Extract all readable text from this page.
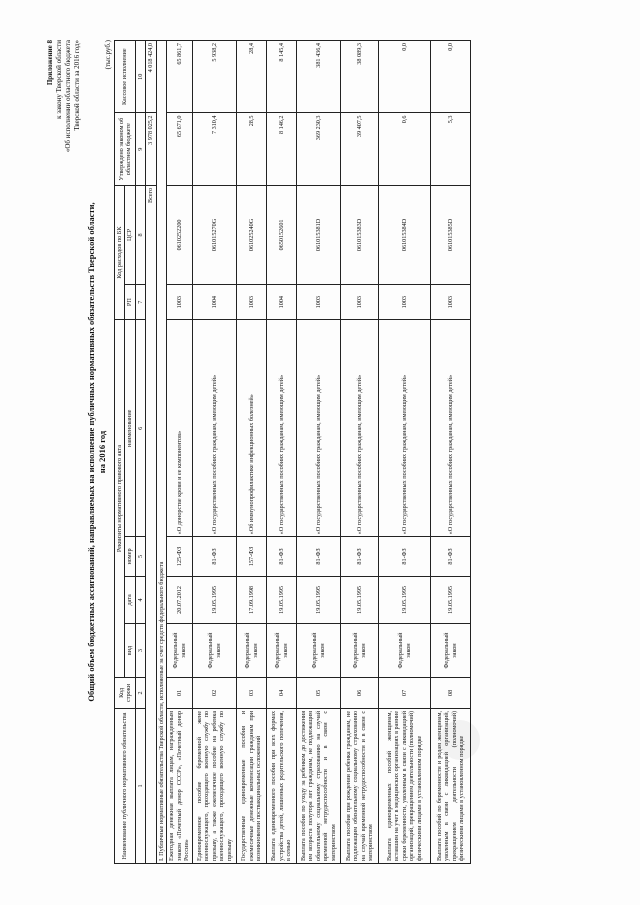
Приложение 8 к закону Тверской области «Об исполнении областного бюджета Тверской области за 2016 год»
Общий объем бюджетных ассигнований, направляемых на исполнение публичных нормативных обязательств Тверской области, на 2016 год
(тыс.руб.)
Наименование публичного нормативного обязательства	Код строки	Реквизиты нормативного правового акта				Код расходов по БК		Утверждено законом об областном бюджете	Кассовое исполнение
		вид	дата	номер	наименование	РП	ЦСР		

1	2	3	4	5	6	7	8	9	10
Всего								3 978 025,2	4 018 424,0
I. Публичные нормативные обязательства Тверской области, исполняемые за счет средств федерального бюджета									
Ежегодная денежная выплата лицам, награжденным знаком «Почетный донор СССР», «Почетный донор России»	01	Федеральный закон	20.07.2012	125-ФЗ	«О донорстве крови и ее компонентов»	1003	0610252200	65 671,0	65 861,7
Единовременное пособие беременной жене военнослужащего, проходящего военную службу по призыву, а также ежемесячное пособие на ребенка военнослужащего, проходящего военную службу по призыву	02	Федеральный закон	19.05.1995	81-ФЗ	«О государственных пособиях гражданам, имеющим детей»	1004	061015270G	7 310,4	5 938,2
Государственные единовременные пособия и ежемесячные денежные компенсации гражданам при возникновении поствакцинальных осложнений	03	Федеральный закон	17.09.1998	157-ФЗ	«Об иммунопрофилактике инфекционных болезней»	1003	061025240G	28,5	28,4
Выплата единовременного пособия при всех формах устройства детей, лишенных родительского попечения, в семью	04	Федеральный закон	19.05.1995	81-ФЗ	«О государственных пособиях гражданам, имеющим детей»	1004	0650152601	8 146,2	8 145,4
Выплата пособия по уходу за ребенком до достижения им возраста полутора лет гражданам, не подлежащим обязательному социальному страхованию на случай временной нетрудоспособности и в связи с материнством	05	Федеральный закон	19.05.1995	81-ФЗ	«О государственных пособиях гражданам, имеющим детей»	1003	061015381D	369 230,3	381 436,4
Выплата пособия при рождении ребенка гражданам, не подлежащим обязательному социальному страхованию на случай временной нетрудоспособности и в связи с материнством	06	Федеральный закон	19.05.1995	81-ФЗ	«О государственных пособиях гражданам, имеющим детей»	1003	061015383D	39 407,5	38 089,3
Выплата единовременных пособий женщинам, вставшим на учет в медицинских организациях в ранние сроки беременности, уволенным в связи с ликвидацией организаций, прекращением деятельности (полномочий) физическими лицами в установленном порядке	07	Федеральный закон	19.05.1995	81-ФЗ	«О государственных пособиях гражданам, имеющим детей»	1003	061015384D	0,6	0,0
Выплата пособий по беременности и родам женщинам, уволенным в связи с ликвидацией организаций, прекращением деятельности (полномочий) физическими лицами в установленном порядке	08	Федеральный закон	19.05.1995	81-ФЗ	«О государственных пособиях гражданам, имеющим детей»	1003	061015385D	5,3	0,0
